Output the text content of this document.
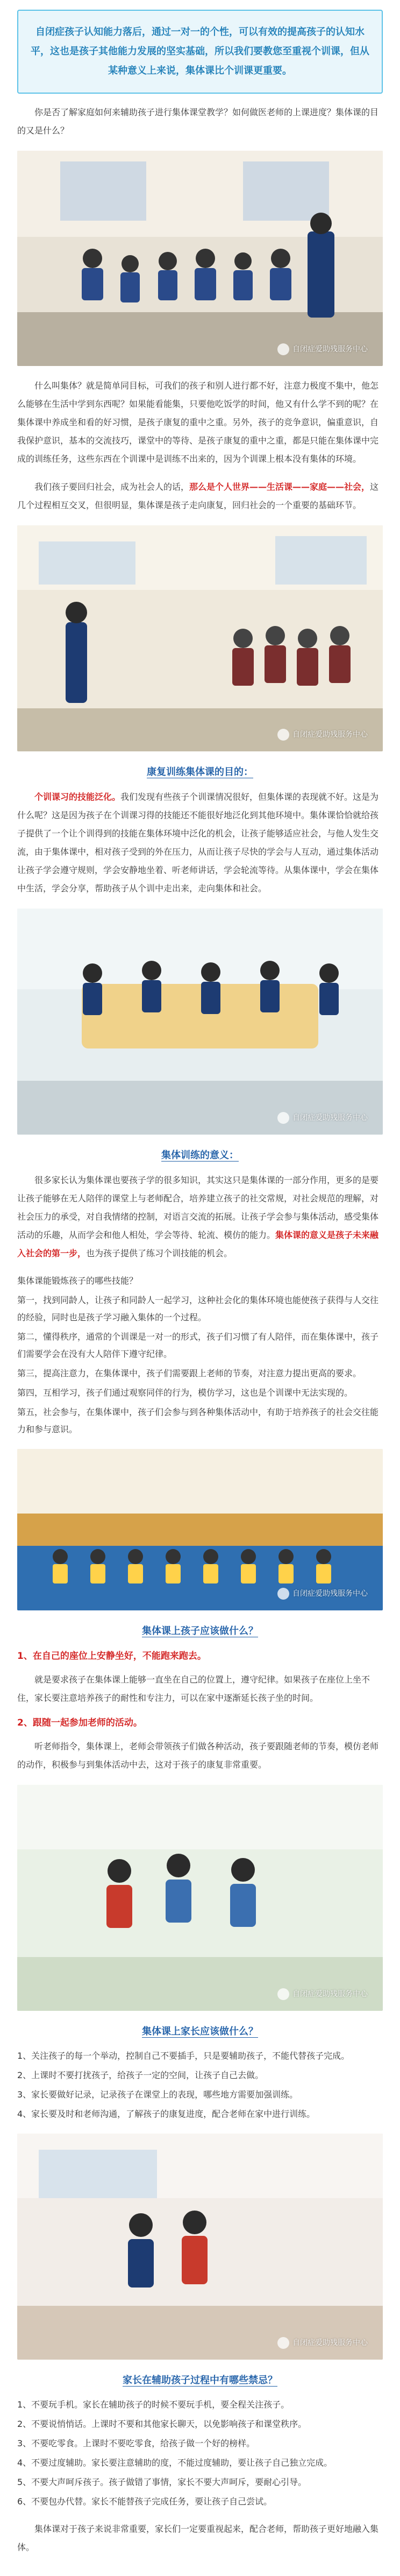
自闭症孩子认知能力落后，通过一对一的个性，可以有效的提高孩子的认知水平，这也是孩子其他能力发展的坚实基础，所以我们要教您至重视个训课，但从某种意义上来说，集体课比个训课更重要。

你是否了解家庭如何来辅助孩子进行集体课堂教学？如何做医老师的上课进度？集体课的目的又是什么？

自闭症爱助残服务中心

什么叫集体？就是简单同目标，可我们的孩子和别人进行都不好，注意力极度不集中，他怎么能够在生活中学到东西呢？如果能看能集，只要他吃饭学的时间，他又有什么学不到的呢？在集体课中养成坐和看的好习惯，是孩子康复的重中之重。另外，孩子的竞争意识，偏重意识，自我保护意识，基本的交流技巧，课堂中的等待、是孩子康复的重中之重，都是只能在集体课中完成的训练任务，这些东西在个训课中是训练不出来的，因为个训课上根本没有集体的环境。

我们孩子要回归社会，成为社会人的话，那么是个人世界——生活课——家庭——社会，这几个过程相互交叉，但很明显，集体课是孩子走向康复，回归社会的一个重要的基础环节。

自闭症爱助残服务中心
康复训练集体课的目的：

个训课习的技能泛化。我们发现有些孩子个训课情况很好，但集体课的表现就不好。这是为什么呢？这是因为孩子在个训课习得的技能还不能很好地泛化到其他环境中。集体课恰恰就给孩子提供了一个让个训得到的技能在集体环境中泛化的机会，让孩子能够适应社会，与他人发生交流，由于集体课中，相对孩子受到的外在压力，从而让孩子尽快的学会与人互动，通过集体活动让孩子学会遵守规则，学会安静地坐着、听老师讲话，学会轮流等待。从集体课中，学会在集体中生活，学会分享，帮助孩子从个训中走出来，走向集体和社会。

自闭症爱助残服务中心
集体训练的意义：

很多家长认为集体课也要孩子学的很多知识，其实这只是集体课的一部分作用，更多的是要让孩子能够在无人陪伴的课堂上与老师配合，培养建立孩子的社交常规，对社会规范的理解，对社会压力的承受，对自我情绪的控制，对语言交流的拓展。让孩子学会参与集体活动，感受集体活动的乐趣，从而学会和他人相处，学会等待、轮流、模仿的能力。集体课的意义是孩子未来融入社会的第一步，也为孩子提供了练习个训技能的机会。

集体课能锻炼孩子的哪些技能？
第一，找到同龄人，让孩子和同龄人一起学习，这种社会化的集体环境也能使孩子获得与人交往的经验，同时也是孩子学习融入集体的一个过程。
第二，懂得秩序，通常的个训课是一对一的形式，孩子们习惯了有人陪伴，而在集体课中，孩子们需要学会在没有大人陪伴下遵守纪律。
第三，提高注意力，在集体课中，孩子们需要跟上老师的节奏，对注意力提出更高的要求。
第四，互相学习，孩子们通过观察同伴的行为，模仿学习，这也是个训课中无法实现的。
第五，社会参与，在集体课中，孩子们会参与到各种集体活动中，有助于培养孩子的社会交往能力和参与意识。
自闭症爱助残服务中心
集体课上孩子应该做什么？
1、在自己的座位上安静坐好，不能跑来跑去。

就是要求孩子在集体课上能够一直坐在自己的位置上，遵守纪律。如果孩子在座位上坐不住，家长要注意培养孩子的耐性和专注力，可以在家中逐渐延长孩子坐的时间。

2、跟随一起参加老师的活动。

听老师指令，集体课上，老师会带领孩子们做各种活动，孩子要跟随老师的节奏，模仿老师的动作，积极参与到集体活动中去，这对于孩子的康复非常重要。

自闭症爱助残服务中心
集体课上家长应该做什么？
1、关注孩子的每一个举动，控制自己不要插手，只是要辅助孩子，不能代替孩子完成。
2、上课时不要打扰孩子，给孩子一定的空间，让孩子自己去做。
3、家长要做好记录，记录孩子在课堂上的表现，哪些地方需要加强训练。
4、家长要及时和老师沟通，了解孩子的康复进度，配合老师在家中进行训练。
自闭症爱助残服务中心
家长在辅助孩子过程中有哪些禁忌？
1、不要玩手机。家长在辅助孩子的时候不要玩手机，要全程关注孩子。
2、不要说悄悄话。上课时不要和其他家长聊天，以免影响孩子和课堂秩序。
3、不要吃零食。上课时不要吃零食，给孩子做一个好的榜样。
4、不要过度辅助。家长要注意辅助的度，不能过度辅助，要让孩子自己独立完成。
5、不要大声呵斥孩子。孩子做错了事情，家长不要大声呵斥，要耐心引导。
6、不要包办代替。家长不能替孩子完成任务，要让孩子自己尝试。

集体课对于孩子来说非常重要，家长们一定要重视起来，配合老师，帮助孩子更好地融入集体。
